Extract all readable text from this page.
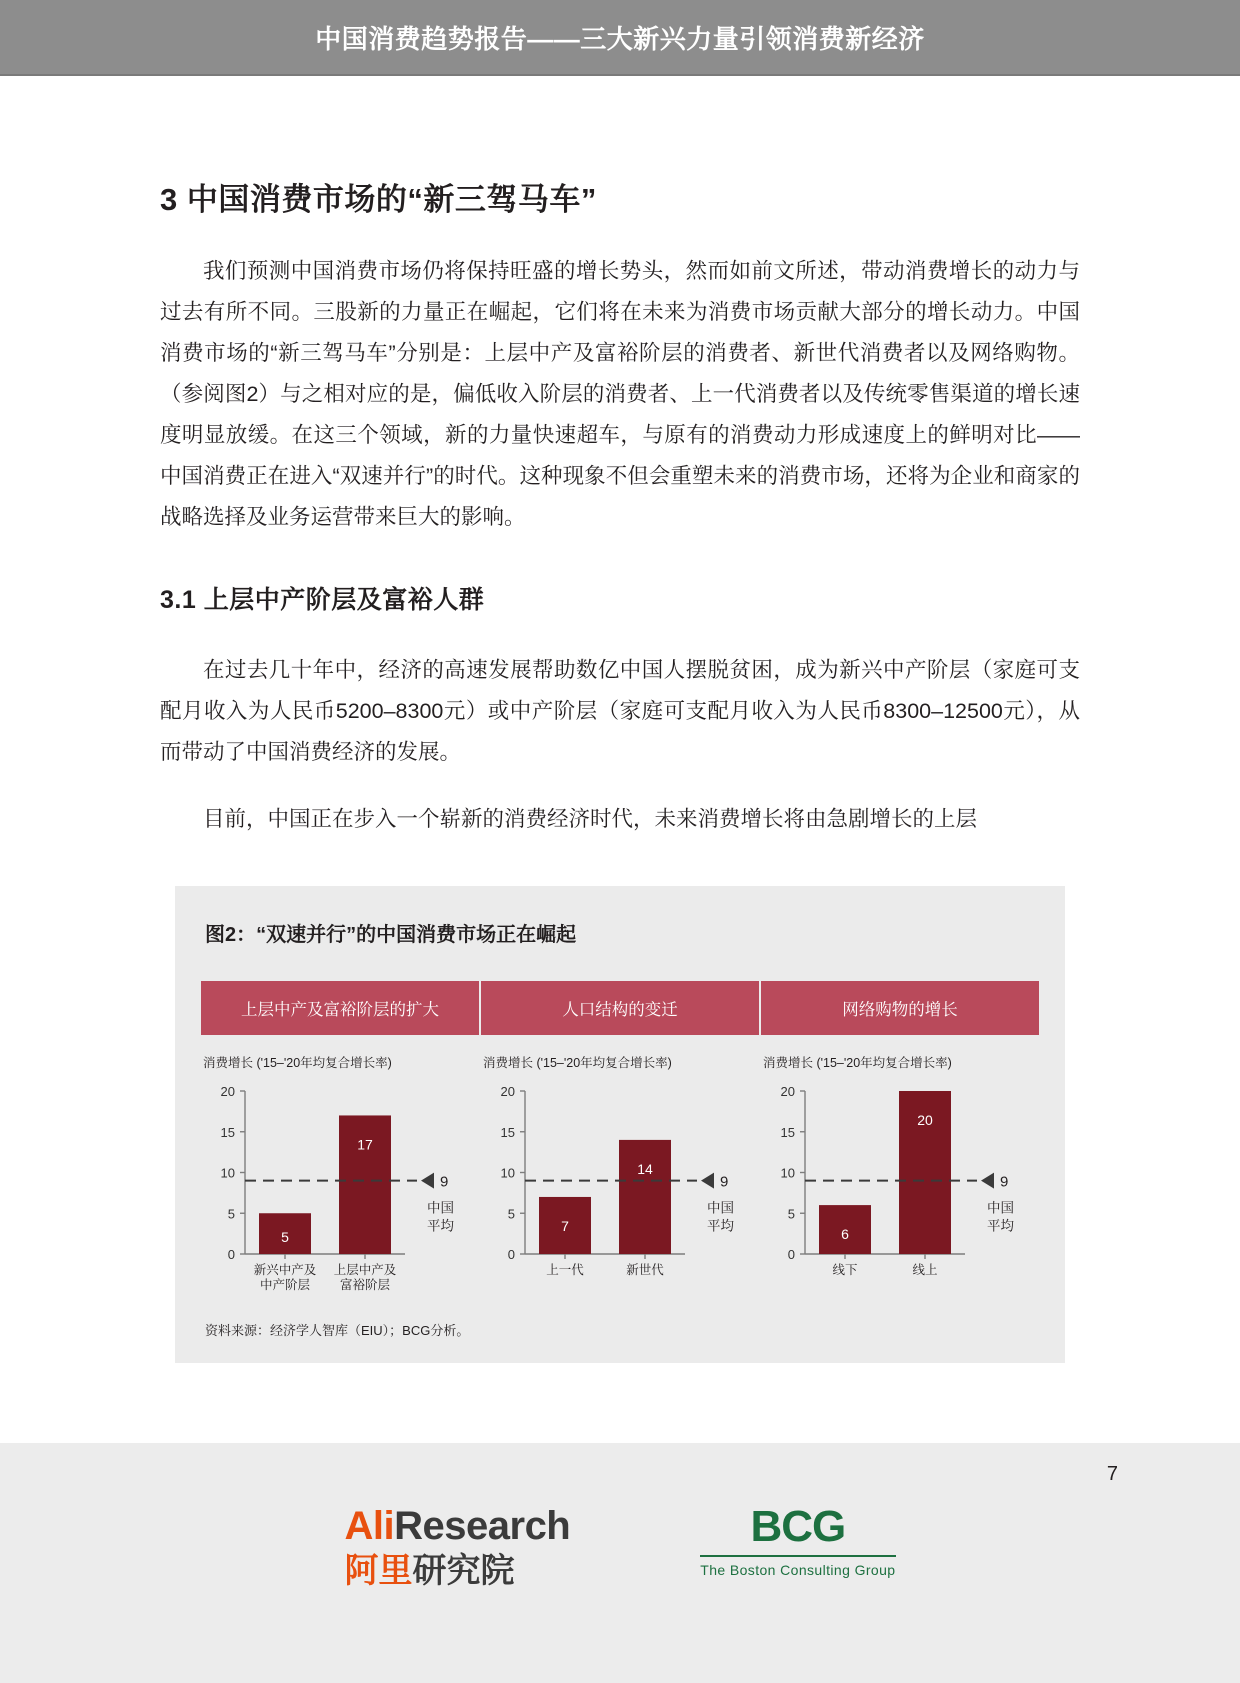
中国消费趋势报告——三大新兴力量引领消费新经济
3 中国消费市场的“新三驾马车”

我们预测中国消费市场仍将保持旺盛的增长势头，然而如前文所述，带动消费增长的动力与过去有所不同。三股新的力量正在崛起，它们将在未来为消费市场贡献大部分的增长动力。中国消费市场的“新三驾马车”分别是：上层中产及富裕阶层的消费者、新世代消费者以及网络购物。（参阅图2）与之相对应的是，偏低收入阶层的消费者、上一代消费者以及传统零售渠道的增长速度明显放缓。在这三个领域，新的力量快速超车，与原有的消费动力形成速度上的鲜明对比——中国消费正在进入“双速并行”的时代。这种现象不但会重塑未来的消费市场，还将为企业和商家的战略选择及业务运营带来巨大的影响。

3.1 上层中产阶层及富裕人群

在过去几十年中，经济的高速发展帮助数亿中国人摆脱贫困，成为新兴中产阶层（家庭可支配月收入为人民币5200–8300元）或中产阶层（家庭可支配月收入为人民币8300–12500元），从而带动了中国消费经济的发展。

目前，中国正在步入一个崭新的消费经济时代，未来消费增长将由急剧增长的上层

图2：“双速并行”的中国消费市场正在崛起
上层中产及富裕阶层的扩大
消费增长 ('15–'20年均复合增长率)
0
5
10
15
20
5
新兴中产及
中产阶层
17
上层中产及
富裕阶层
9
中国
平均
人口结构的变迁
消费增长 ('15–'20年均复合增长率)
0
5
10
15
20
7
上一代
14
新世代
9
中国
平均
网络购物的增长
消费增长 ('15–'20年均复合增长率)
0
5
10
15
20
6
线下
20
线上
9
中国
平均
资料来源：经济学人智库（EIU）；BCG分析。
7
AliResearch
阿里研究院
BCG
The Boston Consulting Group
